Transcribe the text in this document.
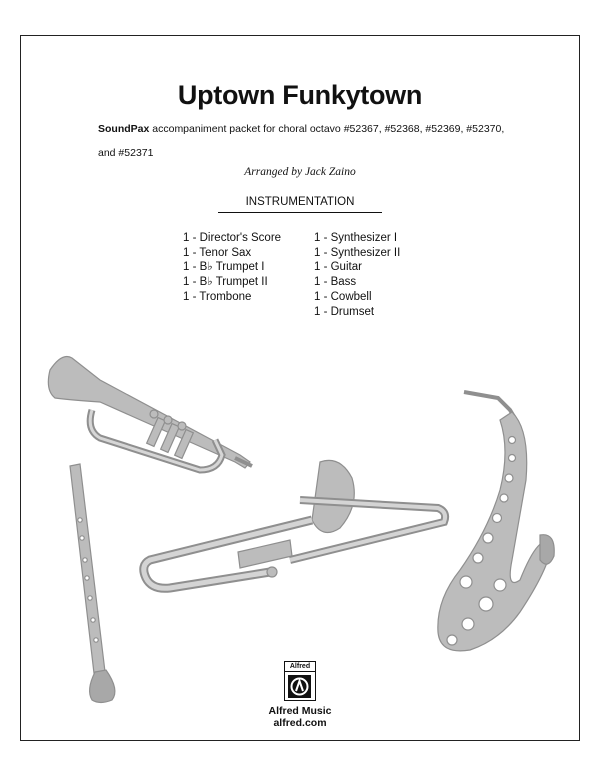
Uptown Funkytown
SoundPax accompaniment packet for choral octavo #52367, #52368, #52369, #52370,
and #52371
Arranged by Jack Zaino
INSTRUMENTATION
1 - Director's Score
1 - Tenor Sax
1 - B♭ Trumpet I
1 - B♭ Trumpet II
1 - Trombone
1 - Synthesizer I
1 - Synthesizer II
1 - Guitar
1 - Bass
1 - Cowbell
1 - Drumset
Alfred
Alfred Music
alfred.com
